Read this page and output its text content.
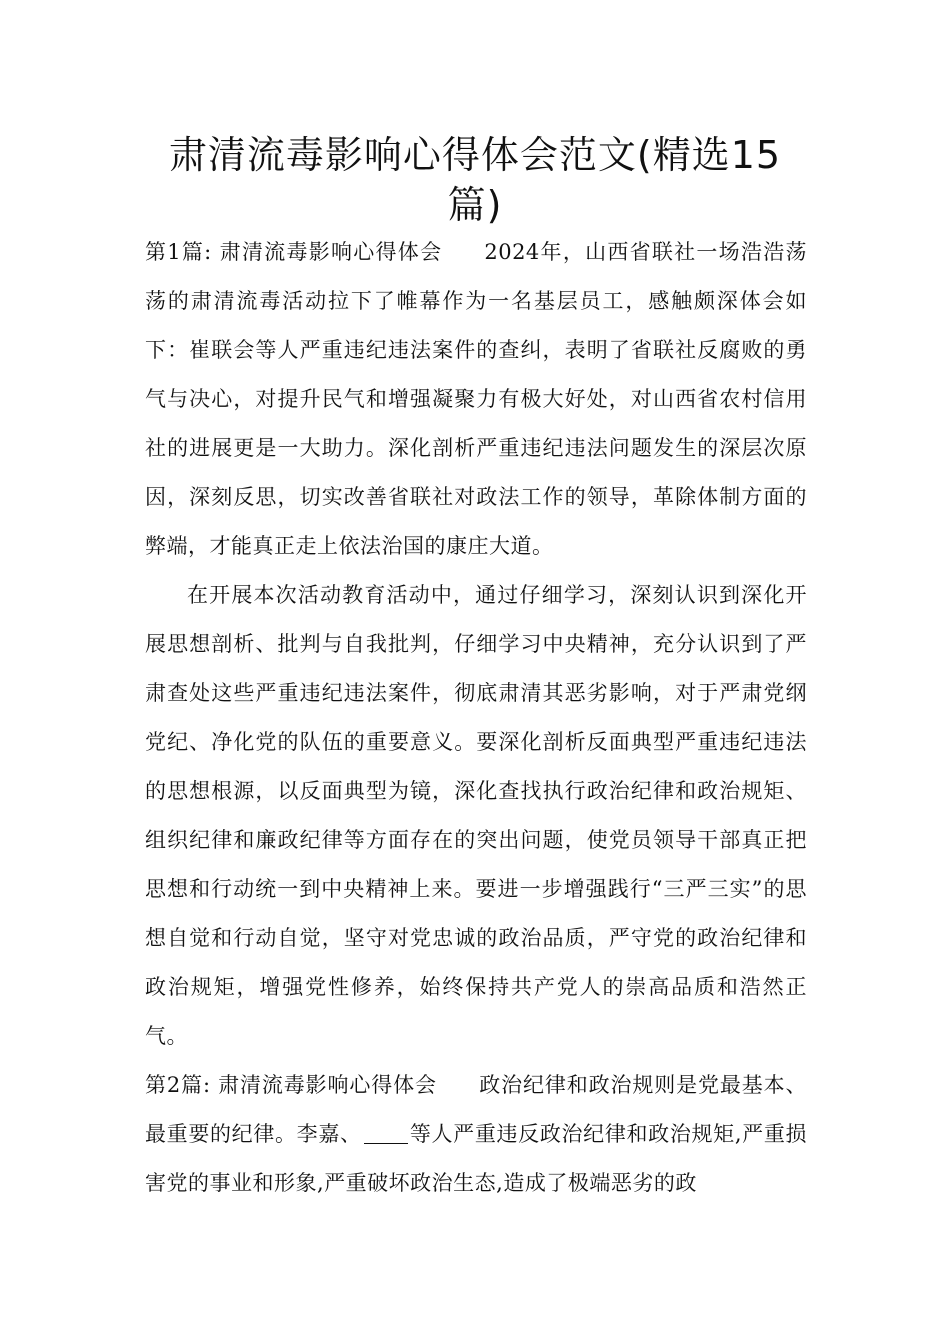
肃清流毒影响心得体会范文(精选15
篇)

第1篇: 肃清流毒影响心得体会 2024年，山西省联社一场浩浩荡荡的肃清流毒活动拉下了帷幕作为一名基层员工，感触颇深体会如下：崔联会等人严重违纪违法案件的查纠，表明了省联社反腐败的勇气与决心，对提升民气和增强凝聚力有极大好处，对山西省农村信用社的进展更是一大助力。深化剖析严重违纪违法问题发生的深层次原因，深刻反思，切实改善省联社对政法工作的领导，革除体制方面的弊端，才能真正走上依法治国的康庄大道。

在开展本次活动教育活动中，通过仔细学习，深刻认识到深化开展思想剖析、批判与自我批判，仔细学习中央精神，充分认识到了严肃查处这些严重违纪违法案件，彻底肃清其恶劣影响，对于严肃党纲党纪、净化党的队伍的重要意义。要深化剖析反面典型严重违纪违法的思想根源，以反面典型为镜，深化查找执行政治纪律和政治规矩、组织纪律和廉政纪律等方面存在的突出问题，使党员领导干部真正把思想和行动统一到中央精神上来。要进一步增强践行“三严三实”的思想自觉和行动自觉，坚守对党忠诚的政治品质，严守党的政治纪律和政治规矩，增强党性修养，始终保持共产党人的崇高品质和浩然正气。

第2篇: 肃清流毒影响心得体会 政治纪律和政治规则是党最基本、最重要的纪律。李嘉、 等人严重违反政治纪律和政治规矩,严重损害党的事业和形象,严重破坏政治生态,造成了极端恶劣的政
